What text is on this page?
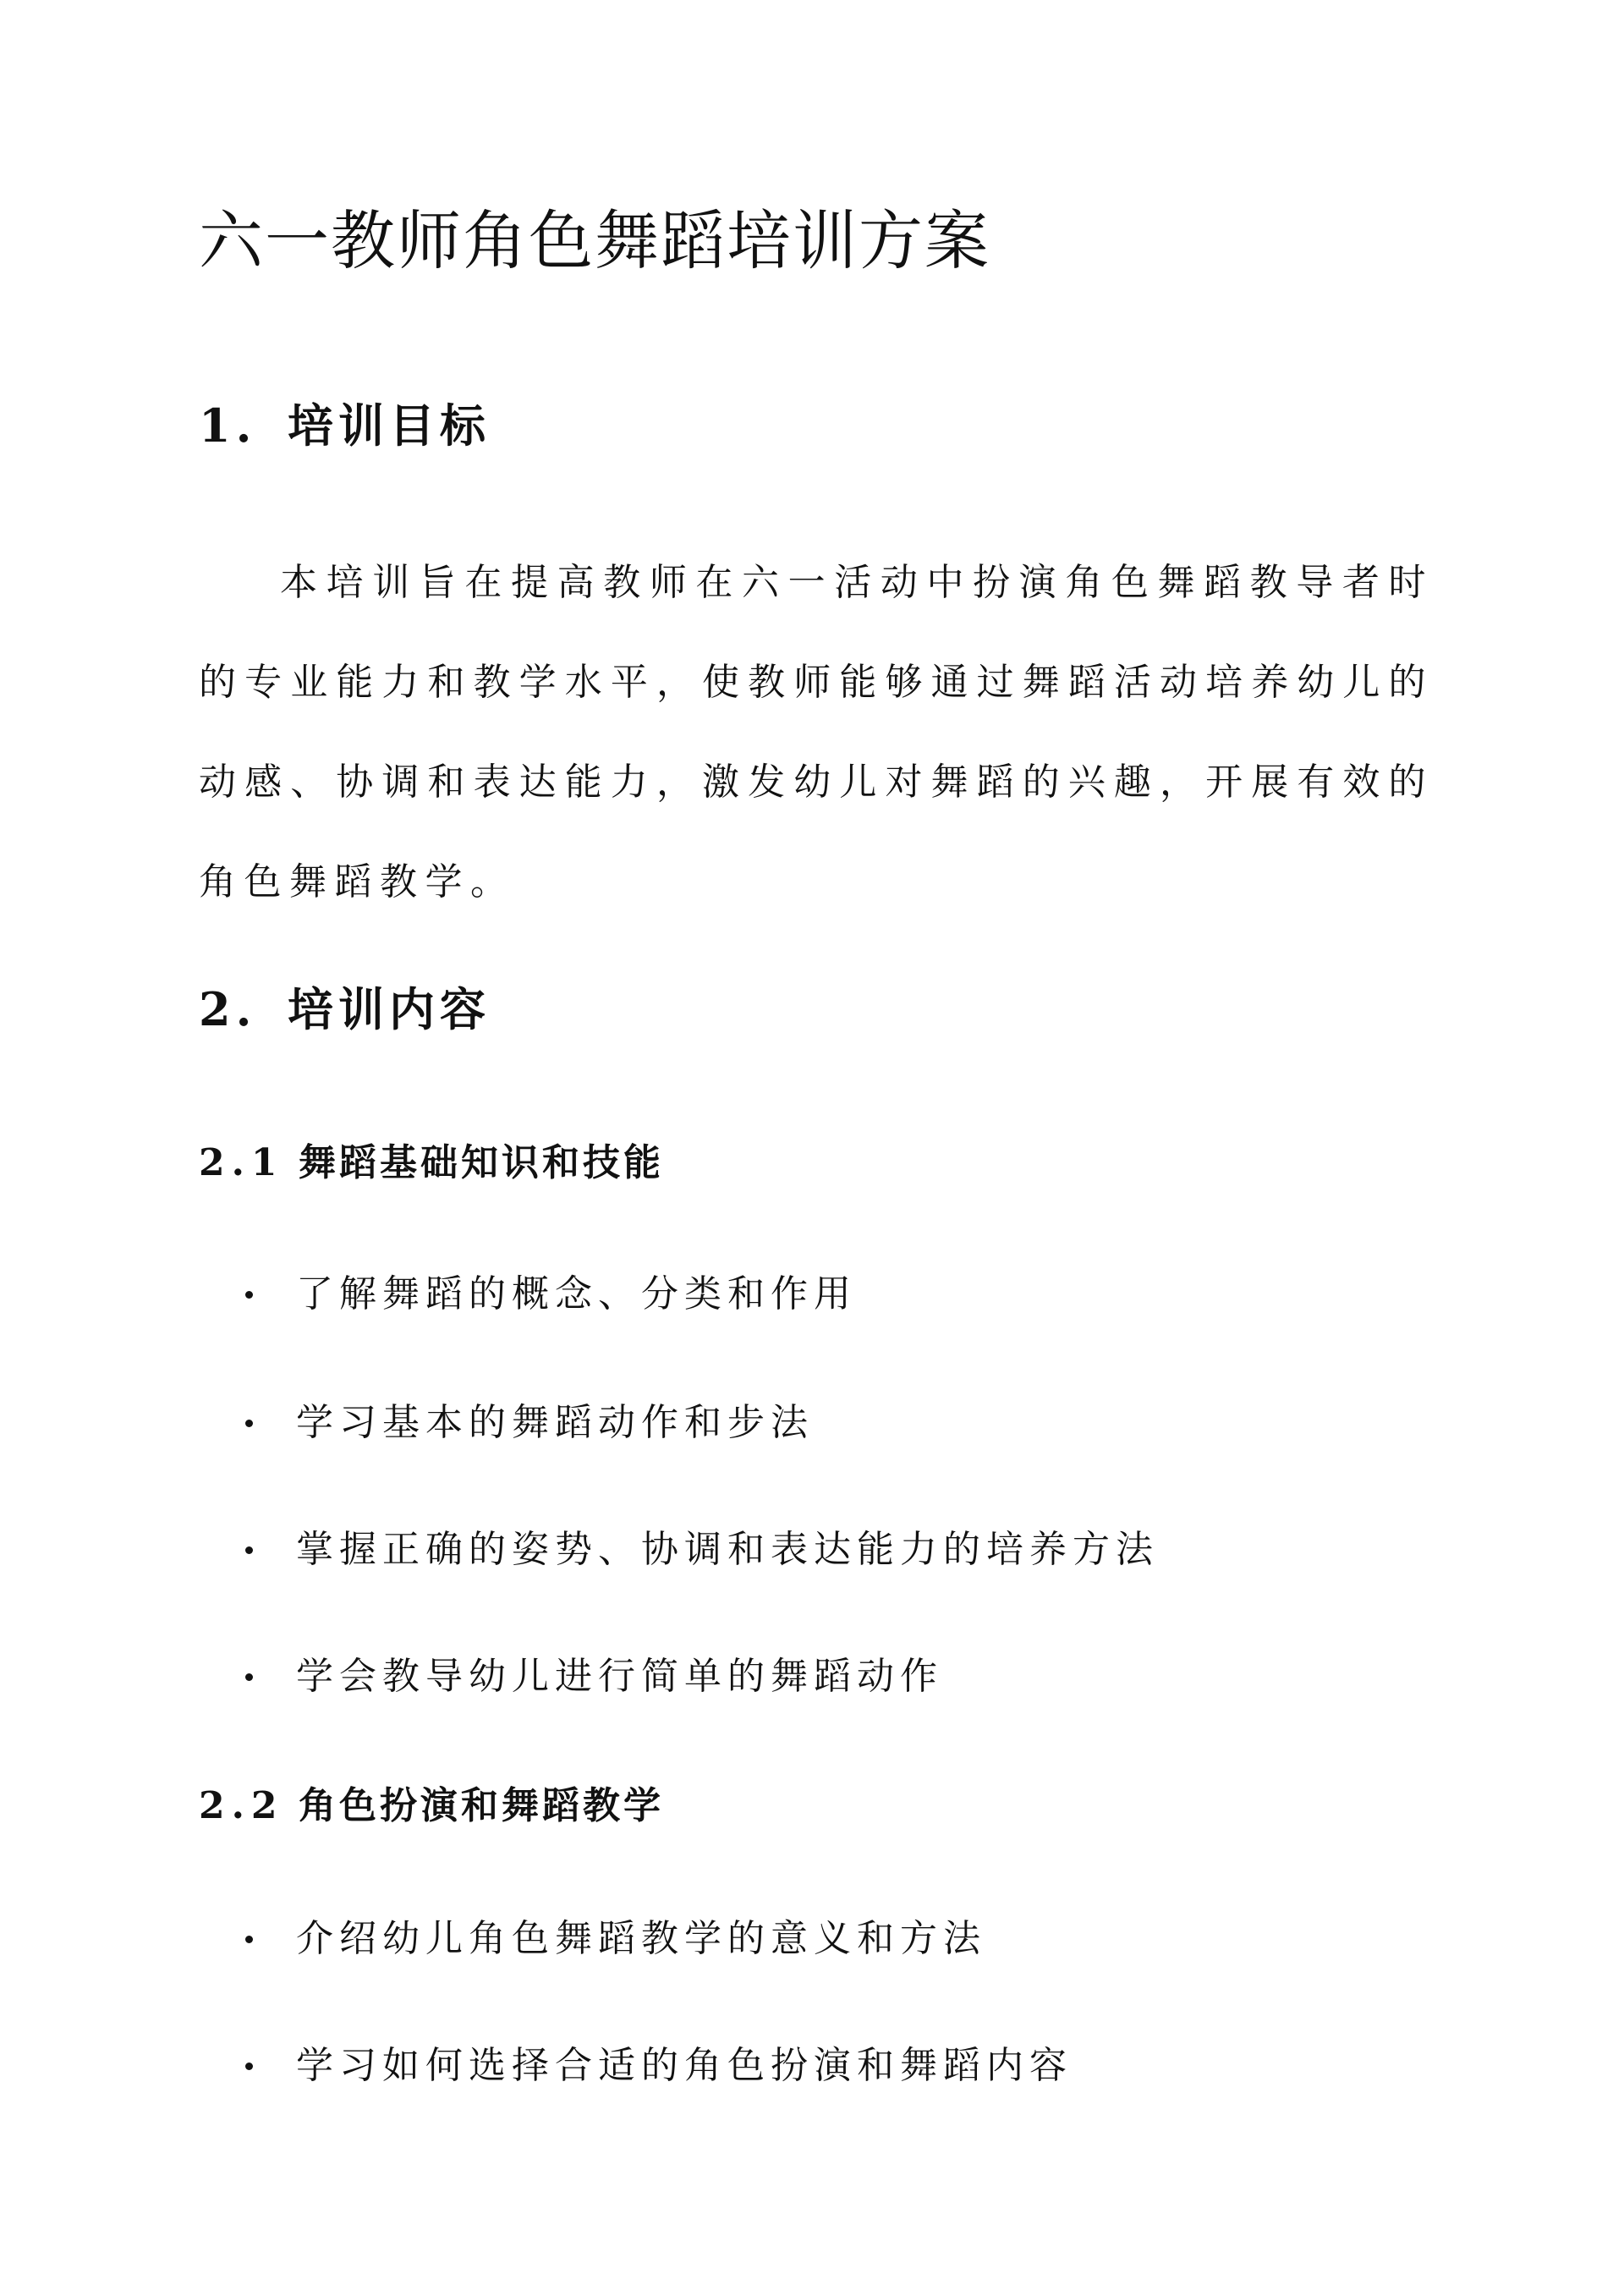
六一教师角色舞蹈培训方案
1. 培训目标

本培训旨在提高教师在六一活动中扮演角色舞蹈教导者时的专业能力和教学水平，使教师能够通过舞蹈活动培养幼儿的动感、协调和表达能力，激发幼儿对舞蹈的兴趣，开展有效的角色舞蹈教学。

2. 培训内容
2.1 舞蹈基础知识和技能
了解舞蹈的概念、分类和作用
学习基本的舞蹈动作和步法
掌握正确的姿势、协调和表达能力的培养方法
学会教导幼儿进行简单的舞蹈动作
2.2 角色扮演和舞蹈教学
介绍幼儿角色舞蹈教学的意义和方法
学习如何选择合适的角色扮演和舞蹈内容
